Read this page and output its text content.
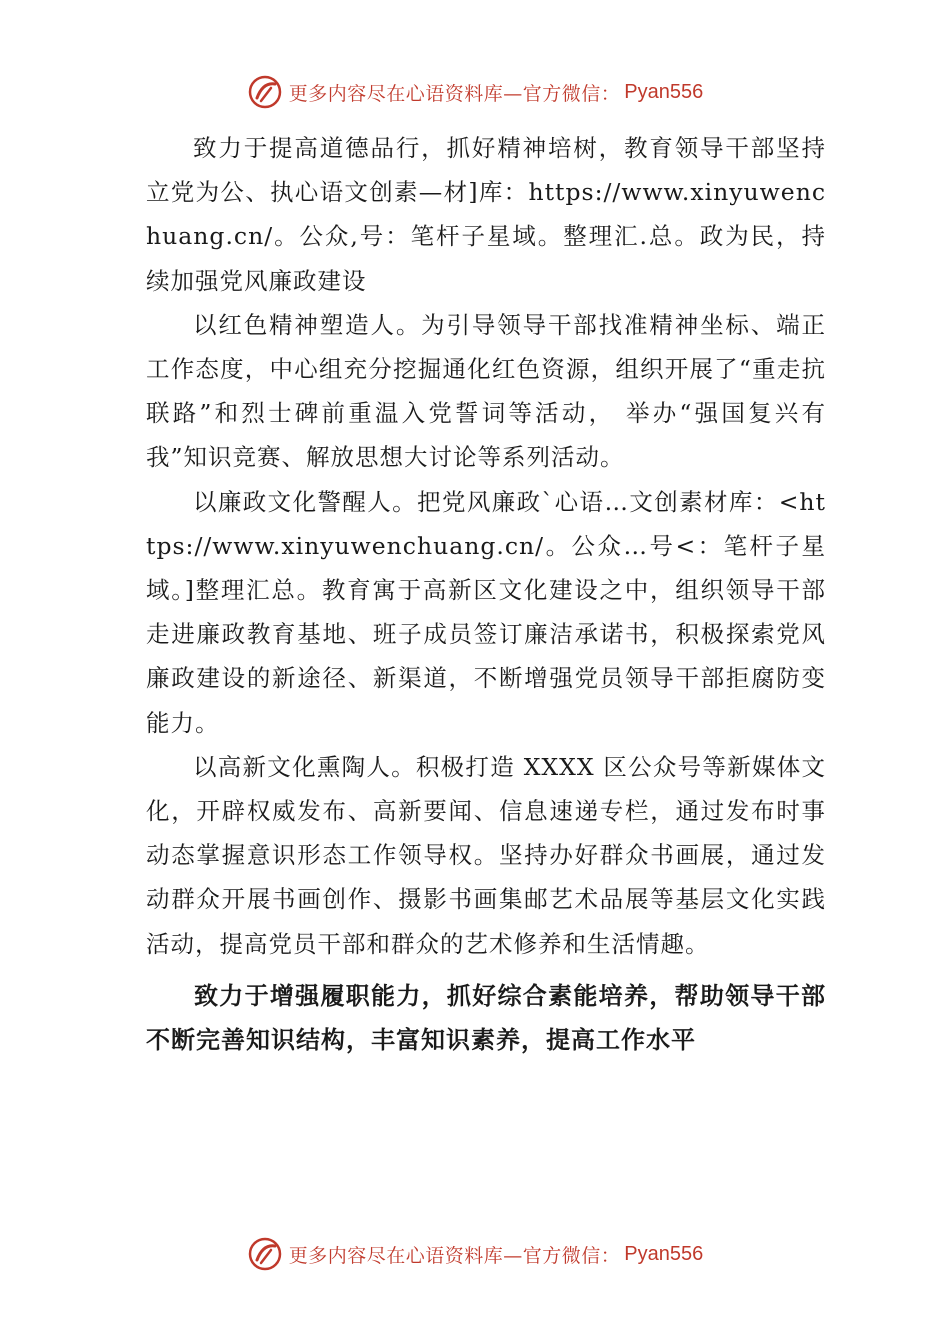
更多内容尽在心语资料库—官方微信： Pyan556

致力于提高道德品行，抓好精神培树，教育领导干部坚持立党为公、执心语文创素—材]库：https://www.xinyuwenchuang.cn/。公众,号：笔杆子星域。整理汇.总。政为民，持续加强党风廉政建设

以红色精神塑造人。为引导领导干部找准精神坐标、端正工作态度，中心组充分挖掘通化红色资源，组织开展了“重走抗联路”和烈士碑前重温入党誓词等活动， 举办“强国复兴有我”知识竞赛、解放思想大讨论等系列活动。

以廉政文化警醒人。把党风廉政`心语…文创素材库：<https://www.xinyuwenchuang.cn/。公众…号<：笔杆子星域。]整理汇总。教育寓于高新区文化建设之中，组织领导干部走进廉政教育基地、班子成员签订廉洁承诺书，积极探索党风廉政建设的新途径、新渠道，不断增强党员领导干部拒腐防变能力。

以高新文化熏陶人。积极打造 XXXX 区公众号等新媒体文化，开辟权威发布、高新要闻、信息速递专栏，通过发布时事动态掌握意识形态工作领导权。坚持办好群众书画展，通过发动群众开展书画创作、摄影书画集邮艺术品展等基层文化实践活动，提高党员干部和群众的艺术修养和生活情趣。

致力于增强履职能力，抓好综合素能培养，帮助领导干部不断完善知识结构，丰富知识素养，提高工作水平

更多内容尽在心语资料库—官方微信： Pyan556
